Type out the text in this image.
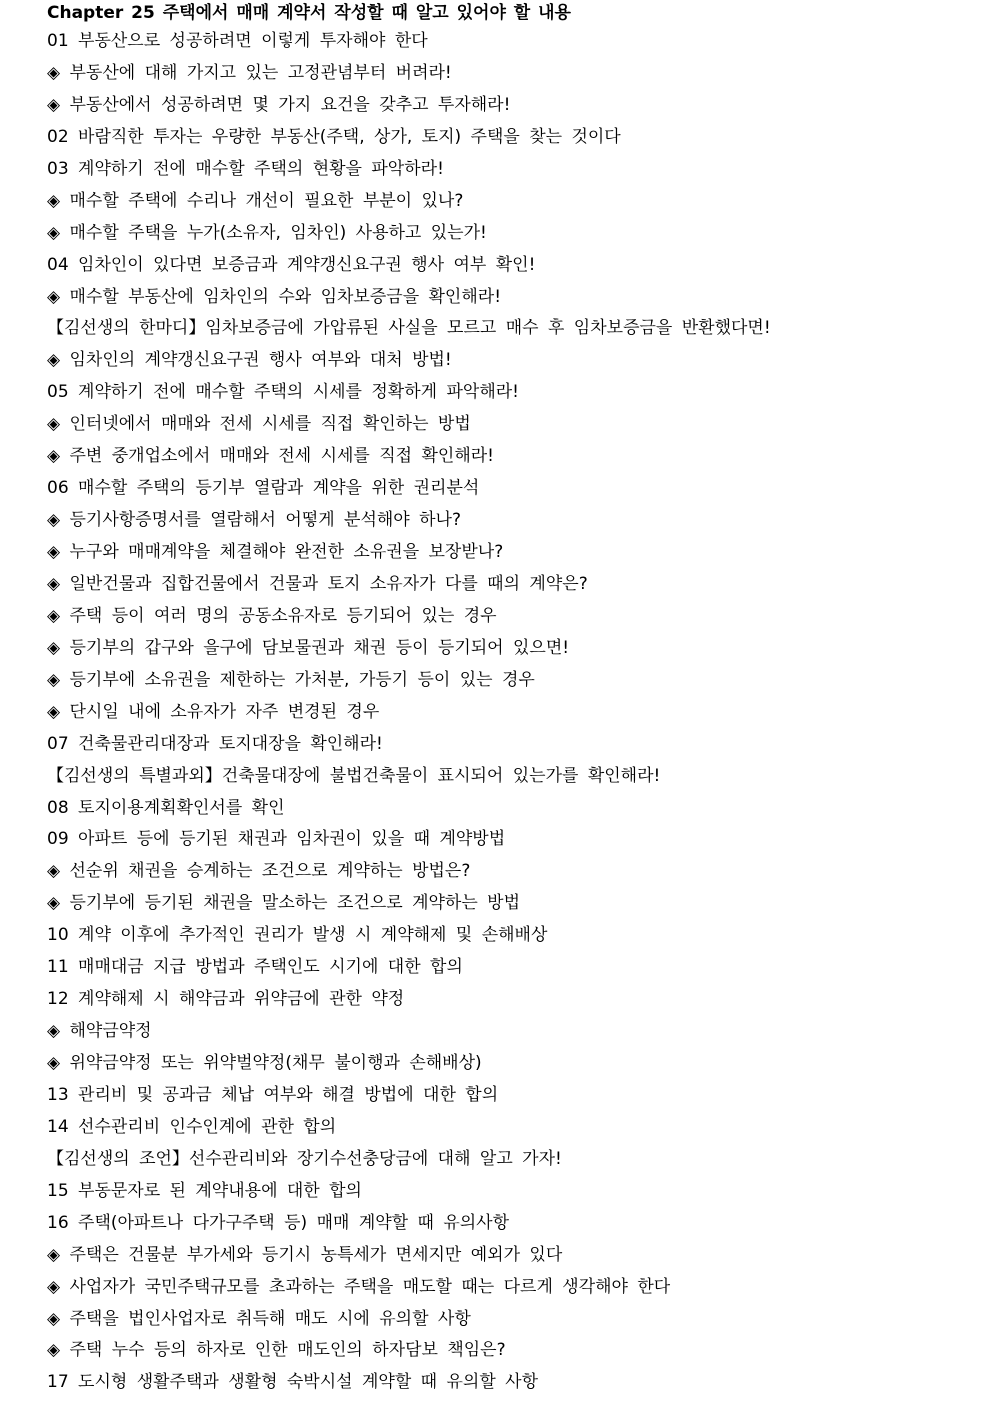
Chapter 25 주택에서 매매 계약서 작성할 때 알고 있어야 할 내용
01 부동산으로 성공하려면 이렇게 투자해야 한다
◈ 부동산에 대해 가지고 있는 고정관념부터 버려라!
◈ 부동산에서 성공하려면 몇 가지 요건을 갖추고 투자해라!
02 바람직한 투자는 우량한 부동산(주택, 상가, 토지) 주택을 찾는 것이다
03 계약하기 전에 매수할 주택의 현황을 파악하라!
◈ 매수할 주택에 수리나 개선이 필요한 부분이 있나?
◈ 매수할 주택을 누가(소유자, 임차인) 사용하고 있는가!
04 임차인이 있다면 보증금과 계약갱신요구권 행사 여부 확인!
◈ 매수할 부동산에 임차인의 수와 임차보증금을 확인해라!
【김선생의 한마디】임차보증금에 가압류된 사실을 모르고 매수 후 임차보증금을 반환했다면!
◈ 임차인의 계약갱신요구권 행사 여부와 대처 방법!
05 계약하기 전에 매수할 주택의 시세를 정확하게 파악해라!
◈ 인터넷에서 매매와 전세 시세를 직접 확인하는 방법
◈ 주변 중개업소에서 매매와 전세 시세를 직접 확인해라!
06 매수할 주택의 등기부 열람과 계약을 위한 권리분석
◈ 등기사항증명서를 열람해서 어떻게 분석해야 하나?
◈ 누구와 매매계약을 체결해야 완전한 소유권을 보장받나?
◈ 일반건물과 집합건물에서 건물과 토지 소유자가 다를 때의 계약은?
◈ 주택 등이 여러 명의 공동소유자로 등기되어 있는 경우
◈ 등기부의 갑구와 을구에 담보물권과 채권 등이 등기되어 있으면!
◈ 등기부에 소유권을 제한하는 가처분, 가등기 등이 있는 경우
◈ 단시일 내에 소유자가 자주 변경된 경우
07 건축물관리대장과 토지대장을 확인해라!
【김선생의 특별과외】건축물대장에 불법건축물이 표시되어 있는가를 확인해라!
08 토지이용계획확인서를 확인
09 아파트 등에 등기된 채권과 임차권이 있을 때 계약방법
◈ 선순위 채권을 승계하는 조건으로 계약하는 방법은?
◈ 등기부에 등기된 채권을 말소하는 조건으로 계약하는 방법
10 계약 이후에 추가적인 권리가 발생 시 계약해제 및 손해배상
11 매매대금 지급 방법과 주택인도 시기에 대한 합의
12 계약해제 시 해약금과 위약금에 관한 약정
◈ 해약금약정
◈ 위약금약정 또는 위약벌약정(채무 불이행과 손해배상)
13 관리비 및 공과금 체납 여부와 해결 방법에 대한 합의
14 선수관리비 인수인계에 관한 합의
【김선생의 조언】선수관리비와 장기수선충당금에 대해 알고 가자!
15 부동문자로 된 계약내용에 대한 합의
16 주택(아파트나 다가구주택 등) 매매 계약할 때 유의사항
◈ 주택은 건물분 부가세와 등기시 농특세가 면세지만 예외가 있다
◈ 사업자가 국민주택규모를 초과하는 주택을 매도할 때는 다르게 생각해야 한다
◈ 주택을 법인사업자로 취득해 매도 시에 유의할 사항
◈ 주택 누수 등의 하자로 인한 매도인의 하자담보 책임은?
17 도시형 생활주택과 생활형 숙박시설 계약할 때 유의할 사항
